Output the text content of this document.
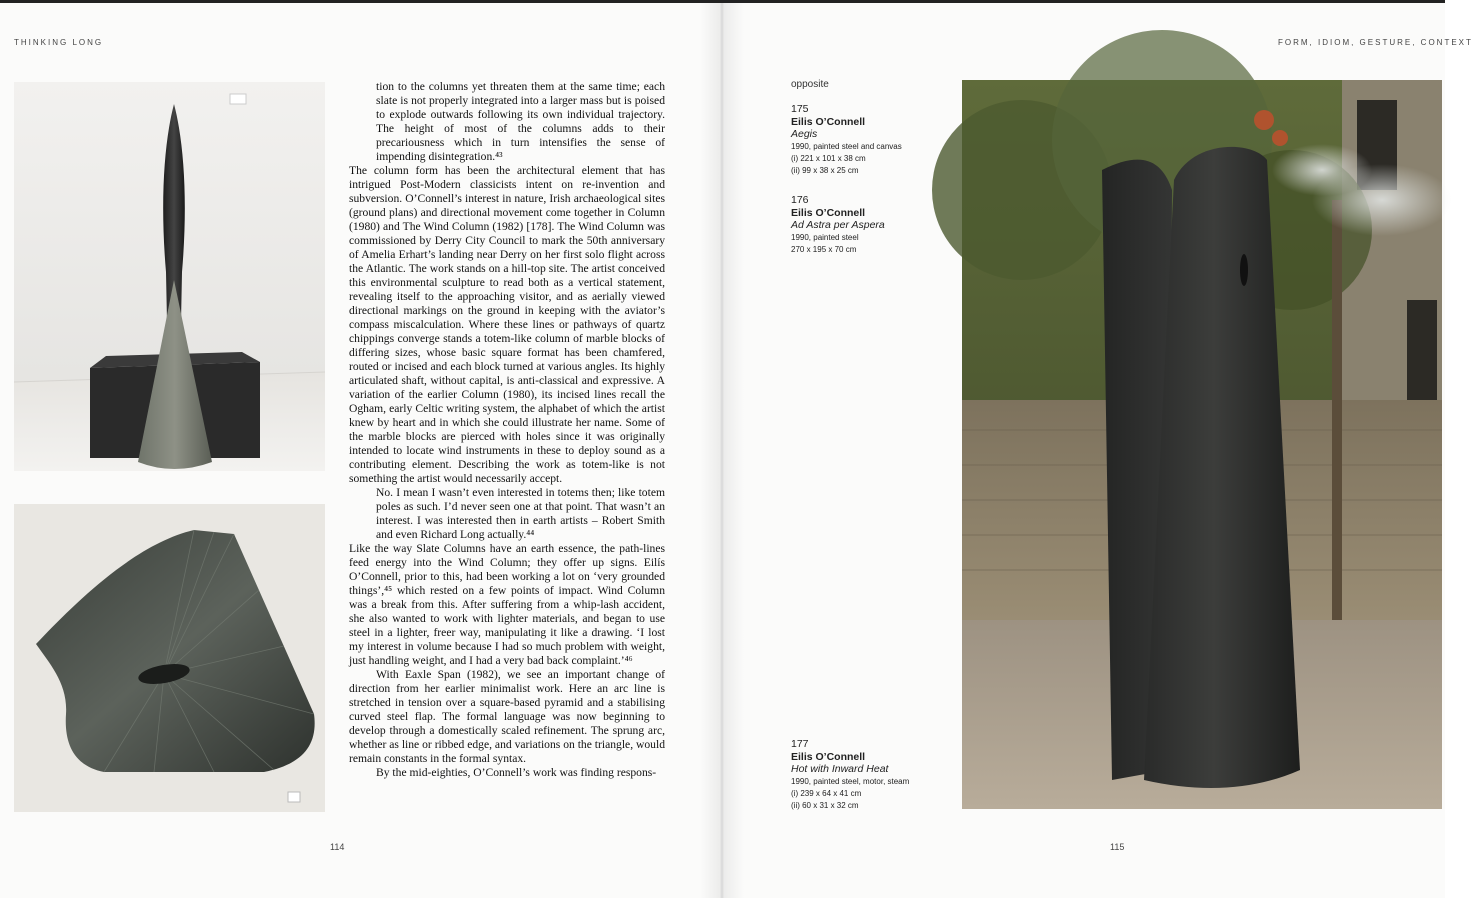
THINKING LONG

tion to the columns yet threaten them at the same time; each slate is not properly integrated into a larger mass but is poised to explode outwards following its own individual trajectory. The height of most of the columns adds to their precariousness which in turn intensifies the sense of impending disintegration.⁴³

The column form has been the architectural element that has intrigued Post-Modern classicists intent on re-invention and subversion. O’Connell’s interest in nature, Irish archaeological sites (ground plans) and directional movement come together in Column (1980) and The Wind Column (1982) [178]. The Wind Column was commissioned by Derry City Council to mark the 50th anniversary of Amelia Erhart’s landing near Derry on her first solo flight across the Atlantic. The work stands on a hill-top site. The artist conceived this environmental sculpture to read both as a vertical statement, revealing itself to the approaching visitor, and as aerially viewed directional markings on the ground in keeping with the aviator’s compass miscalculation. Where these lines or pathways of quartz chippings converge stands a totem-like column of marble blocks of differing sizes, whose basic square format has been chamfered, routed or incised and each block turned at various angles. Its highly articulated shaft, without capital, is anti-classical and expressive. A variation of the earlier Column (1980), its incised lines recall the Ogham, early Celtic writing system, the alphabet of which the artist knew by heart and in which she could illustrate her name. Some of the marble blocks are pierced with holes since it was originally intended to locate wind instruments in these to deploy sound as a contributing element. Describing the work as totem-like is not something the artist would necessarily accept.

No. I mean I wasn’t even interested in totems then; like totem poles as such. I’d never seen one at that point. That wasn’t an interest. I was interested then in earth artists – Robert Smith and even Richard Long actually.⁴⁴

Like the way Slate Columns have an earth essence, the path-lines feed energy into the Wind Column; they offer up signs. Eilís O’Connell, prior to this, had been working a lot on ‘very grounded things’,⁴⁵ which rested on a few points of impact. Wind Column was a break from this. After suffering from a whip-lash accident, she also wanted to work with lighter materials, and began to use steel in a lighter, freer way, manipulating it like a drawing. ‘I lost my interest in volume because I had so much problem with weight, just handling weight, and I had a very bad back complaint.’⁴⁶

With Eaxle Span (1982), we see an important change of direction from her earlier minimalist work. Here an arc line is stretched in tension over a square-based pyramid and a stabilising curved steel flap. The formal language was now beginning to develop through a domestically scaled refinement. The sprung arc, whether as line or ribbed edge, and variations on the triangle, would remain constants in the formal syntax.

By the mid-eighties, O’Connell’s work was finding respons-

114
FORM, IDIOM, GESTURE, CONTEXT
115
opposite
175
Eilis O’Connell
Aegis
1990, painted steel and canvas
(i) 221 x 101 x 38 cm
(ii) 99 x 38 x 25 cm
176
Eilis O’Connell
Ad Astra per Aspera
1990, painted steel
270 x 195 x 70 cm
177
Eilis O’Connell
Hot with Inward Heat
1990, painted steel, motor, steam
(i) 239 x 64 x 41 cm
(ii) 60 x 31 x 32 cm
